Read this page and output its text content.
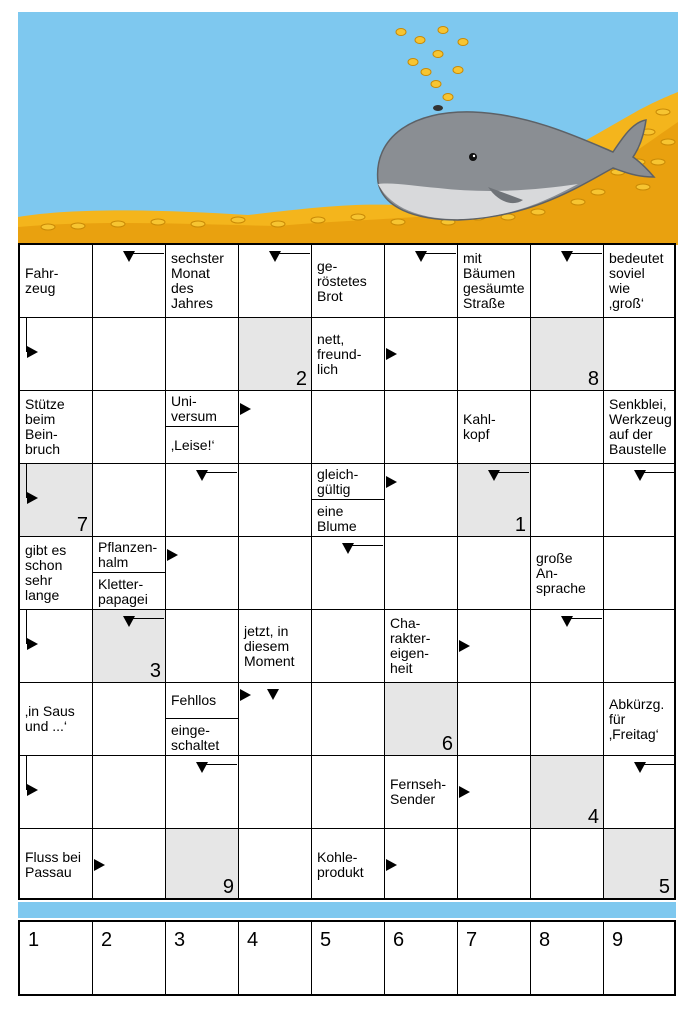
Fahr-
zeug
sechster
Monat
des
Jahres
ge-
röstetes
Brot
mit
Bäumen
gesäumte
Straße
bedeutet
soviel
wie
‚groß‘
2
nett,
freund-
lich	8
Stütze
beim
Bein-
bruch
Uni-
versum
‚Leise!‘
Kahl-
kopf
Senkblei,
Werkzeug
auf der
Baustelle
7
gleich-
gültig
eine
Blume	1
gibt es
schon
sehr
lange
Pflanzen-
halm
Kletter-
papagei
große
An-
sprache
3
jetzt, in
diesem
Moment
Cha-
rakter-
eigen-
heit
‚in Saus
und ...‘
Fehllos
einge-
schaltet	6
Abkürzg.
für
‚Freitag‘
Fernseh-
Sender
4
Fluss bei
Passau
9
Kohle-
produkt
5
1	2	3	4	5	6	7	8	9
